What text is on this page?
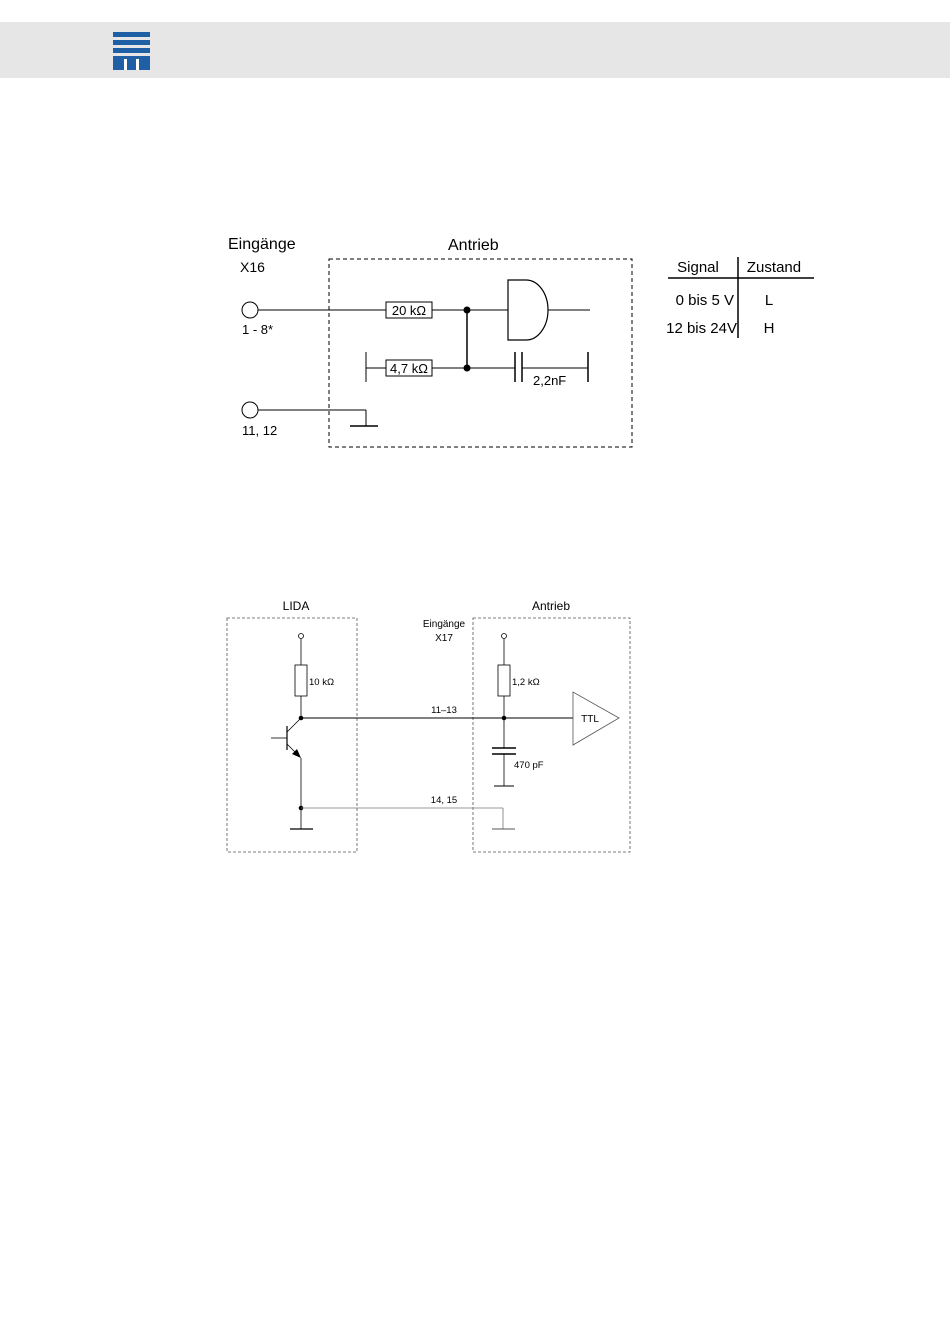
Eingänge
X16
Antrieb
1 - 8*
20 kΩ
4,7 kΩ
2,2nF
11, 12
Signal Zustand
0 bis 5 V L
12 bis 24V H
LIDA
Eingänge
X17
Antrieb
10 kΩ
11–13
14, 15
1,2 kΩ
470 pF
TTL
